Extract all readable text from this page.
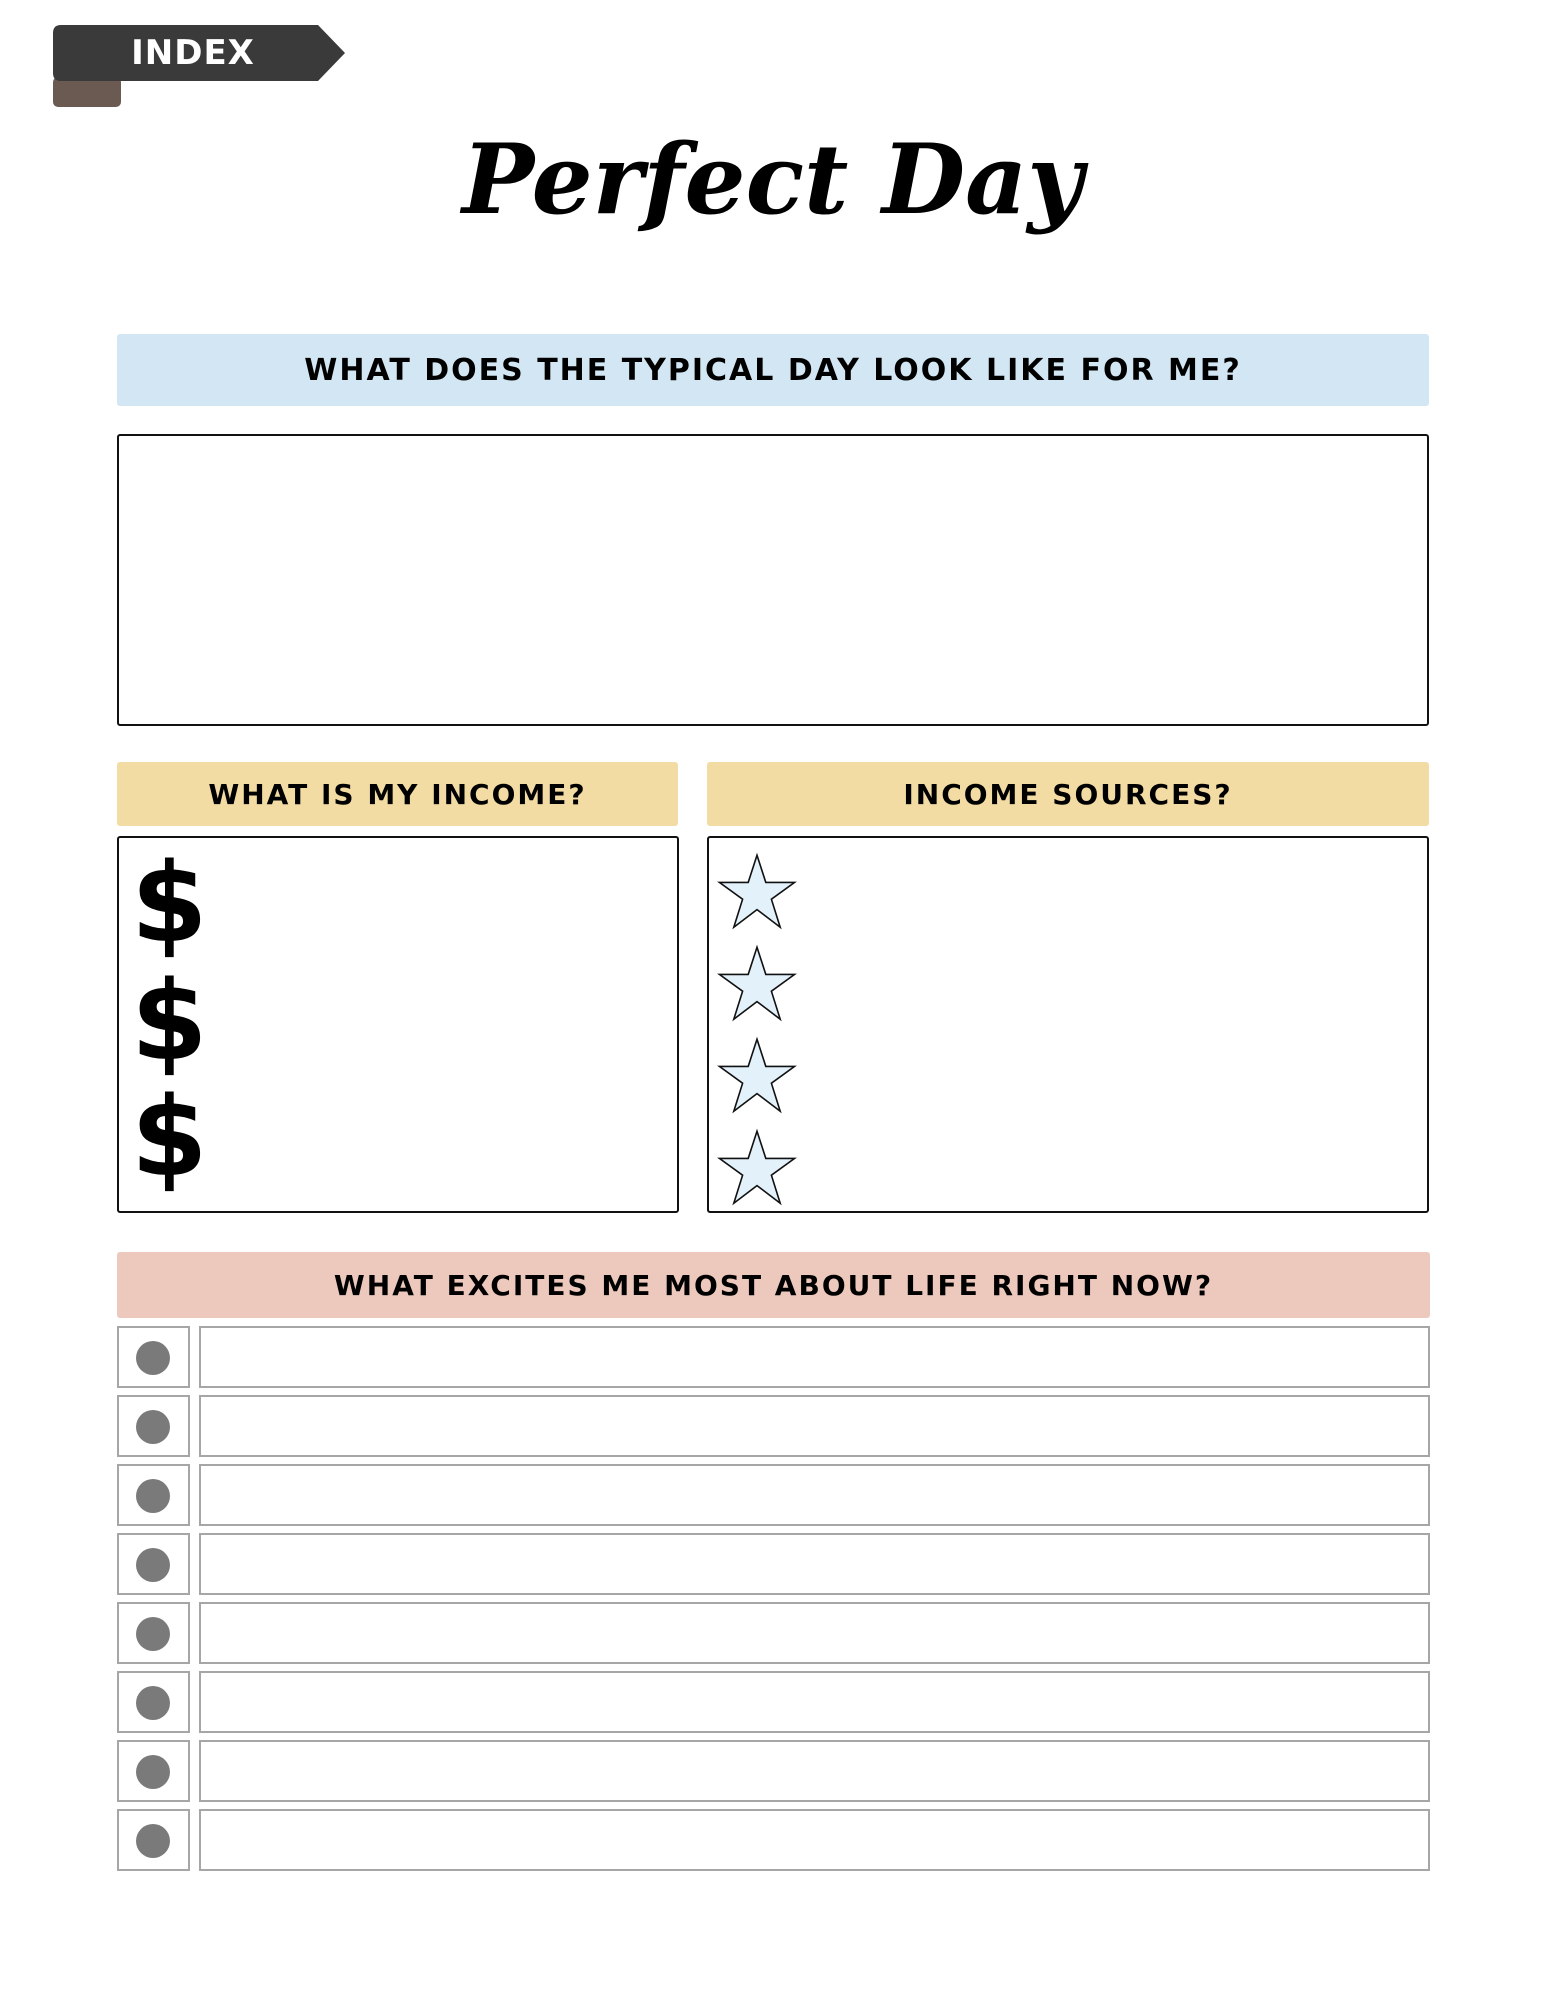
INDEX
Perfect Day
WHAT DOES THE TYPICAL DAY LOOK LIKE FOR ME?
WHAT IS MY INCOME?
$
$
$
INCOME SOURCES?
WHAT EXCITES ME MOST ABOUT LIFE RIGHT NOW?
